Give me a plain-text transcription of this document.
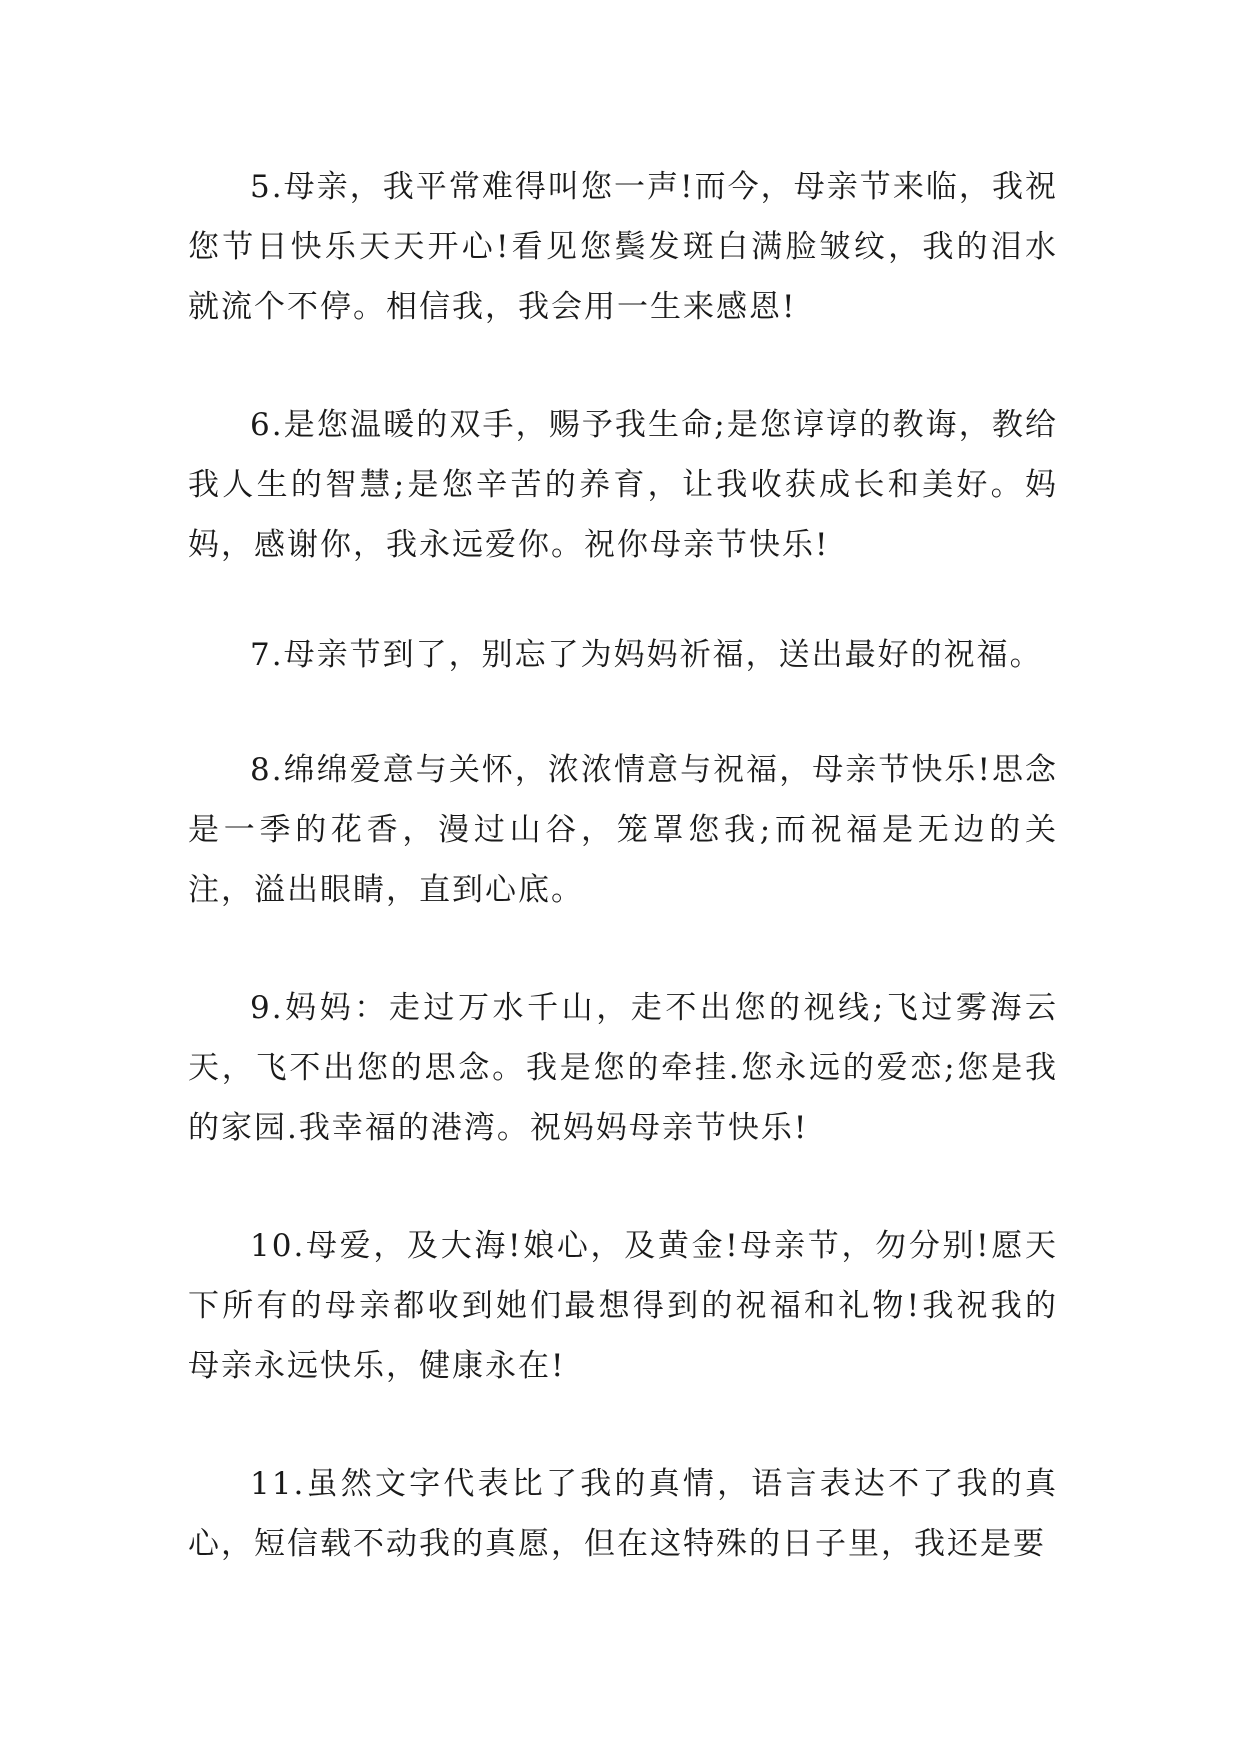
5.母亲，我平常难得叫您一声!而今，母亲节来临，我祝您节日快乐天天开心!看见您鬓发斑白满脸皱纹，我的泪水就流个不停。相信我，我会用一生来感恩!

6.是您温暖的双手，赐予我生命;是您谆谆的教诲，教给我人生的智慧;是您辛苦的养育，让我收获成长和美好。妈妈，感谢你，我永远爱你。祝你母亲节快乐!

7.母亲节到了，别忘了为妈妈祈福，送出最好的祝福。

8.绵绵爱意与关怀，浓浓情意与祝福，母亲节快乐!思念是一季的花香，漫过山谷，笼罩您我;而祝福是无边的关注，溢出眼睛，直到心底。

9.妈妈：走过万水千山，走不出您的视线;飞过雾海云天，飞不出您的思念。我是您的牵挂.您永远的爱恋;您是我的家园.我幸福的港湾。祝妈妈母亲节快乐!

10.母爱，及大海!娘心，及黄金!母亲节，勿分别!愿天下所有的母亲都收到她们最想得到的祝福和礼物!我祝我的母亲永远快乐，健康永在!

11.虽然文字代表比了我的真情，语言表达不了我的真心，短信载不动我的真愿，但在这特殊的日子里，我还是要
